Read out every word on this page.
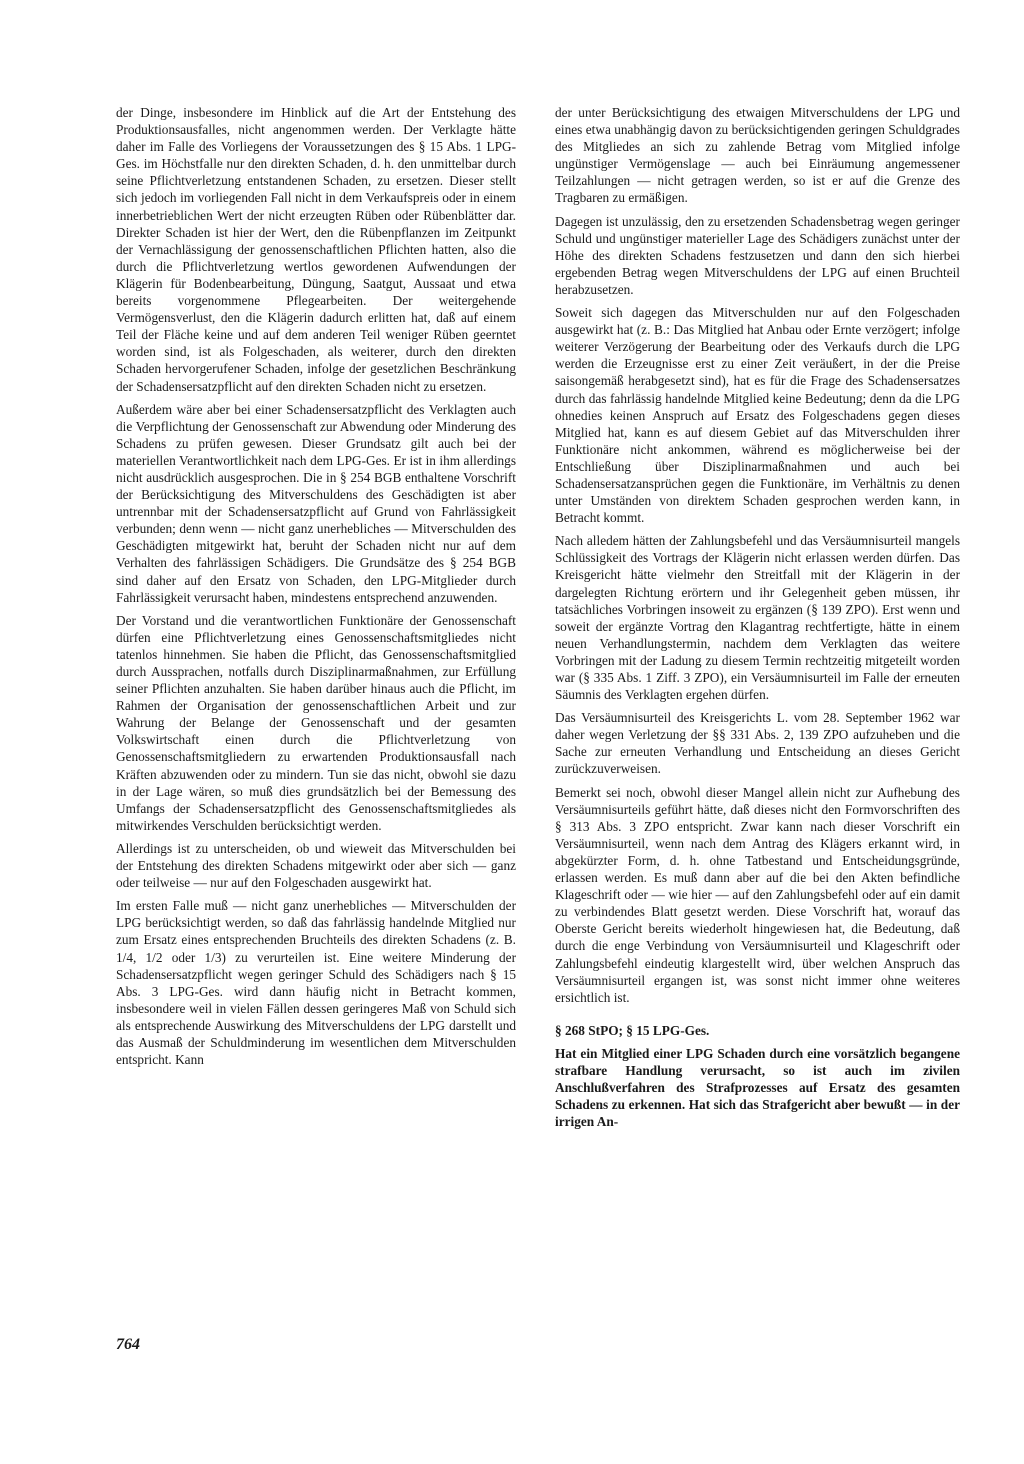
der Dinge, insbesondere im Hinblick auf die Art der Entstehung des Produktionsausfalles, nicht angenommen werden. Der Verklagte hätte daher im Falle des Vorliegens der Voraussetzungen des § 15 Abs. 1 LPG-Ges. im Höchstfalle nur den direkten Schaden, d. h. den unmittelbar durch seine Pflichtverletzung entstandenen Schaden, zu ersetzen. Dieser stellt sich jedoch im vorliegenden Fall nicht in dem Verkaufspreis oder in einem innerbetrieblichen Wert der nicht erzeugten Rüben oder Rübenblätter dar. Direkter Schaden ist hier der Wert, den die Rübenpflanzen im Zeitpunkt der Vernachlässigung der genossenschaftlichen Pflichten hatten, also die durch die Pflichtverletzung wertlos gewordenen Aufwendungen der Klägerin für Bodenbearbeitung, Düngung, Saatgut, Aussaat und etwa bereits vorgenommene Pflegearbeiten. Der weitergehende Vermögensverlust, den die Klägerin dadurch erlitten hat, daß auf einem Teil der Fläche keine und auf dem anderen Teil weniger Rüben geerntet worden sind, ist als Folgeschaden, als weiterer, durch den direkten Schaden hervorgerufener Schaden, infolge der gesetzlichen Beschränkung der Schadensersatzpflicht auf den direkten Schaden nicht zu ersetzen.

Außerdem wäre aber bei einer Schadensersatzpflicht des Verklagten auch die Verpflichtung der Genossenschaft zur Abwendung oder Minderung des Schadens zu prüfen gewesen. Dieser Grundsatz gilt auch bei der materiellen Verantwortlichkeit nach dem LPG-Ges. Er ist in ihm allerdings nicht ausdrücklich ausgesprochen. Die in § 254 BGB enthaltene Vorschrift der Berücksichtigung des Mitverschuldens des Geschädigten ist aber untrennbar mit der Schadensersatzpflicht auf Grund von Fahrlässigkeit verbunden; denn wenn — nicht ganz unerhebliches — Mitverschulden des Geschädigten mitgewirkt hat, beruht der Schaden nicht nur auf dem Verhalten des fahrlässigen Schädigers. Die Grundsätze des § 254 BGB sind daher auf den Ersatz von Schaden, den LPG-Mitglieder durch Fahrlässigkeit verursacht haben, mindestens entsprechend anzuwenden.

Der Vorstand und die verantwortlichen Funktionäre der Genossenschaft dürfen eine Pflichtverletzung eines Genossenschaftsmitgliedes nicht tatenlos hinnehmen. Sie haben die Pflicht, das Genossenschaftsmitglied durch Aussprachen, notfalls durch Disziplinarmaßnahmen, zur Erfüllung seiner Pflichten anzuhalten. Sie haben darüber hinaus auch die Pflicht, im Rahmen der Organisation der genossenschaftlichen Arbeit und zur Wahrung der Belange der Genossenschaft und der gesamten Volkswirtschaft einen durch die Pflichtverletzung von Genossenschaftsmitgliedern zu erwartenden Produktionsausfall nach Kräften abzuwenden oder zu mindern. Tun sie das nicht, obwohl sie dazu in der Lage wären, so muß dies grundsätzlich bei der Bemessung des Umfangs der Schadensersatzpflicht des Genossenschaftsmitgliedes als mitwirkendes Verschulden berücksichtigt werden.

Allerdings ist zu unterscheiden, ob und wieweit das Mitverschulden bei der Entstehung des direkten Schadens mitgewirkt oder aber sich — ganz oder teilweise — nur auf den Folgeschaden ausgewirkt hat.

Im ersten Falle muß — nicht ganz unerhebliches — Mitverschulden der LPG berücksichtigt werden, so daß das fahrlässig handelnde Mitglied nur zum Ersatz eines entsprechenden Bruchteils des direkten Schadens (z. B. 1/4, 1/2 oder 1/3) zu verurteilen ist. Eine weitere Minderung der Schadensersatzpflicht wegen geringer Schuld des Schädigers nach § 15 Abs. 3 LPG-Ges. wird dann häufig nicht in Betracht kommen, insbesondere weil in vielen Fällen dessen geringeres Maß von Schuld sich als entsprechende Auswirkung des Mitverschuldens der LPG darstellt und das Ausmaß der Schuldminderung im wesentlichen dem Mitverschulden entspricht. Kann

der unter Berücksichtigung des etwaigen Mitverschuldens der LPG und eines etwa unabhängig davon zu berücksichtigenden geringen Schuldgrades des Mitgliedes an sich zu zahlende Betrag vom Mitglied infolge ungünstiger Vermögenslage — auch bei Einräumung angemessener Teilzahlungen — nicht getragen werden, so ist er auf die Grenze des Tragbaren zu ermäßigen.

Dagegen ist unzulässig, den zu ersetzenden Schadensbetrag wegen geringer Schuld und ungünstiger materieller Lage des Schädigers zunächst unter der Höhe des direkten Schadens festzusetzen und dann den sich hierbei ergebenden Betrag wegen Mitverschuldens der LPG auf einen Bruchteil herabzusetzen.

Soweit sich dagegen das Mitverschulden nur auf den Folgeschaden ausgewirkt hat (z. B.: Das Mitglied hat Anbau oder Ernte verzögert; infolge weiterer Verzögerung der Bearbeitung oder des Verkaufs durch die LPG werden die Erzeugnisse erst zu einer Zeit veräußert, in der die Preise saisongemäß herabgesetzt sind), hat es für die Frage des Schadensersatzes durch das fahrlässig handelnde Mitglied keine Bedeutung; denn da die LPG ohnedies keinen Anspruch auf Ersatz des Folgeschadens gegen dieses Mitglied hat, kann es auf diesem Gebiet auf das Mitverschulden ihrer Funktionäre nicht ankommen, während es möglicherweise bei der Entschließung über Disziplinarmaßnahmen und auch bei Schadensersatzansprüchen gegen die Funktionäre, im Verhältnis zu denen unter Umständen von direktem Schaden gesprochen werden kann, in Betracht kommt.

Nach alledem hätten der Zahlungsbefehl und das Versäumnisurteil mangels Schlüssigkeit des Vortrags der Klägerin nicht erlassen werden dürfen. Das Kreisgericht hätte vielmehr den Streitfall mit der Klägerin in der dargelegten Richtung erörtern und ihr Gelegenheit geben müssen, ihr tatsächliches Vorbringen insoweit zu ergänzen (§ 139 ZPO). Erst wenn und soweit der ergänzte Vortrag den Klagantrag rechtfertigte, hätte in einem neuen Verhandlungstermin, nachdem dem Verklagten das weitere Vorbringen mit der Ladung zu diesem Termin rechtzeitig mitgeteilt worden war (§ 335 Abs. 1 Ziff. 3 ZPO), ein Versäumnisurteil im Falle der erneuten Säumnis des Verklagten ergehen dürfen.

Das Versäumnisurteil des Kreisgerichts L. vom 28. September 1962 war daher wegen Verletzung der §§ 331 Abs. 2, 139 ZPO aufzuheben und die Sache zur erneuten Verhandlung und Entscheidung an dieses Gericht zurückzuverweisen.

Bemerkt sei noch, obwohl dieser Mangel allein nicht zur Aufhebung des Versäumnisurteils geführt hätte, daß dieses nicht den Formvorschriften des § 313 Abs. 3 ZPO entspricht. Zwar kann nach dieser Vorschrift ein Versäumnisurteil, wenn nach dem Antrag des Klägers erkannt wird, in abgekürzter Form, d. h. ohne Tatbestand und Entscheidungsgründe, erlassen werden. Es muß dann aber auf die bei den Akten befindliche Klageschrift oder — wie hier — auf den Zahlungsbefehl oder auf ein damit zu verbindendes Blatt gesetzt werden. Diese Vorschrift hat, worauf das Oberste Gericht bereits wiederholt hingewiesen hat, die Bedeutung, daß durch die enge Verbindung von Versäumnisurteil und Klageschrift oder Zahlungsbefehl eindeutig klargestellt wird, über welchen Anspruch das Versäumnisurteil ergangen ist, was sonst nicht immer ohne weiteres ersichtlich ist.

§ 268 StPO; § 15 LPG-Ges.

Hat ein Mitglied einer LPG Schaden durch eine vorsätzlich begangene strafbare Handlung verursacht, so ist auch im zivilen Anschlußverfahren des Strafprozesses auf Ersatz des gesamten Schadens zu erkennen. Hat sich das Strafgericht aber bewußt — in der irrigen An-

764
